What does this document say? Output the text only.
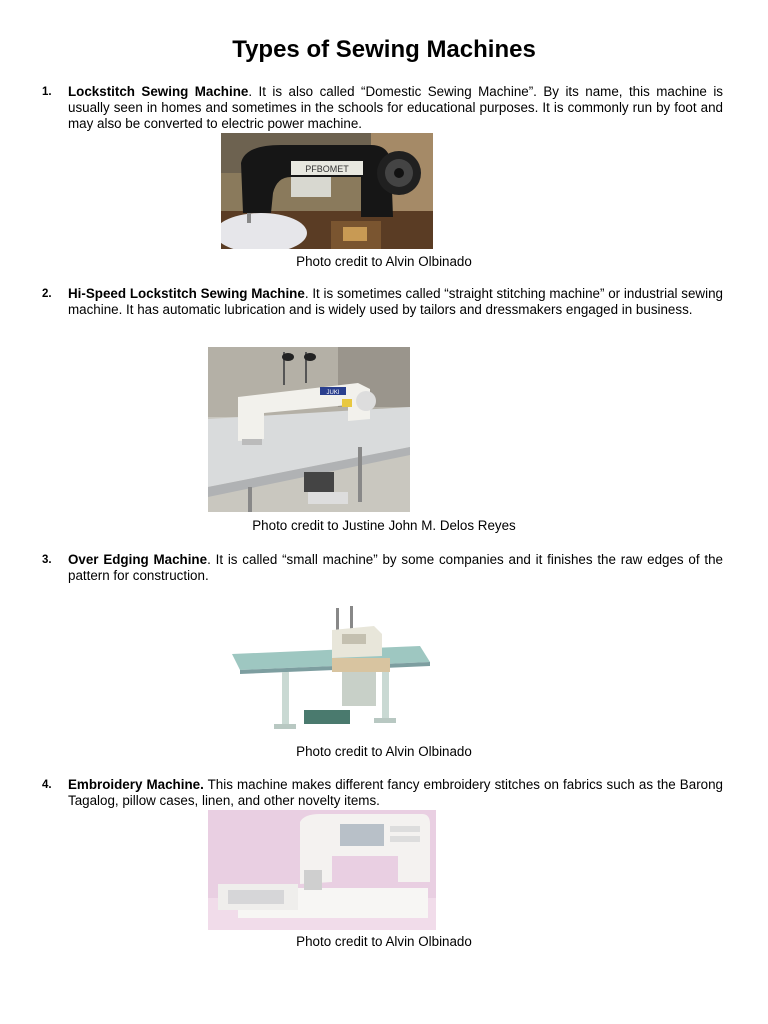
Types of Sewing Machines
1. Lockstitch Sewing Machine. It is also called “Domestic Sewing Machine”. By its name, this machine is usually seen in homes and sometimes in the schools for educational purposes. It is commonly run by foot and may also be converted to electric power machine.
PFBOMET
Photo credit to Alvin Olbinado
2. Hi-Speed Lockstitch Sewing Machine. It is sometimes called “straight stitching machine” or industrial sewing machine. It has automatic lubrication and is widely used by tailors and dressmakers engaged in business.
JUKI
Photo credit to Justine John M. Delos Reyes
3. Over Edging Machine. It is called “small machine” by some companies and it finishes the raw edges of the pattern for construction.
Photo credit to Alvin Olbinado
4. Embroidery Machine. This machine makes different fancy embroidery stitches on fabrics such as the Barong Tagalog, pillow cases, linen, and other novelty items.
Photo credit to Alvin Olbinado
